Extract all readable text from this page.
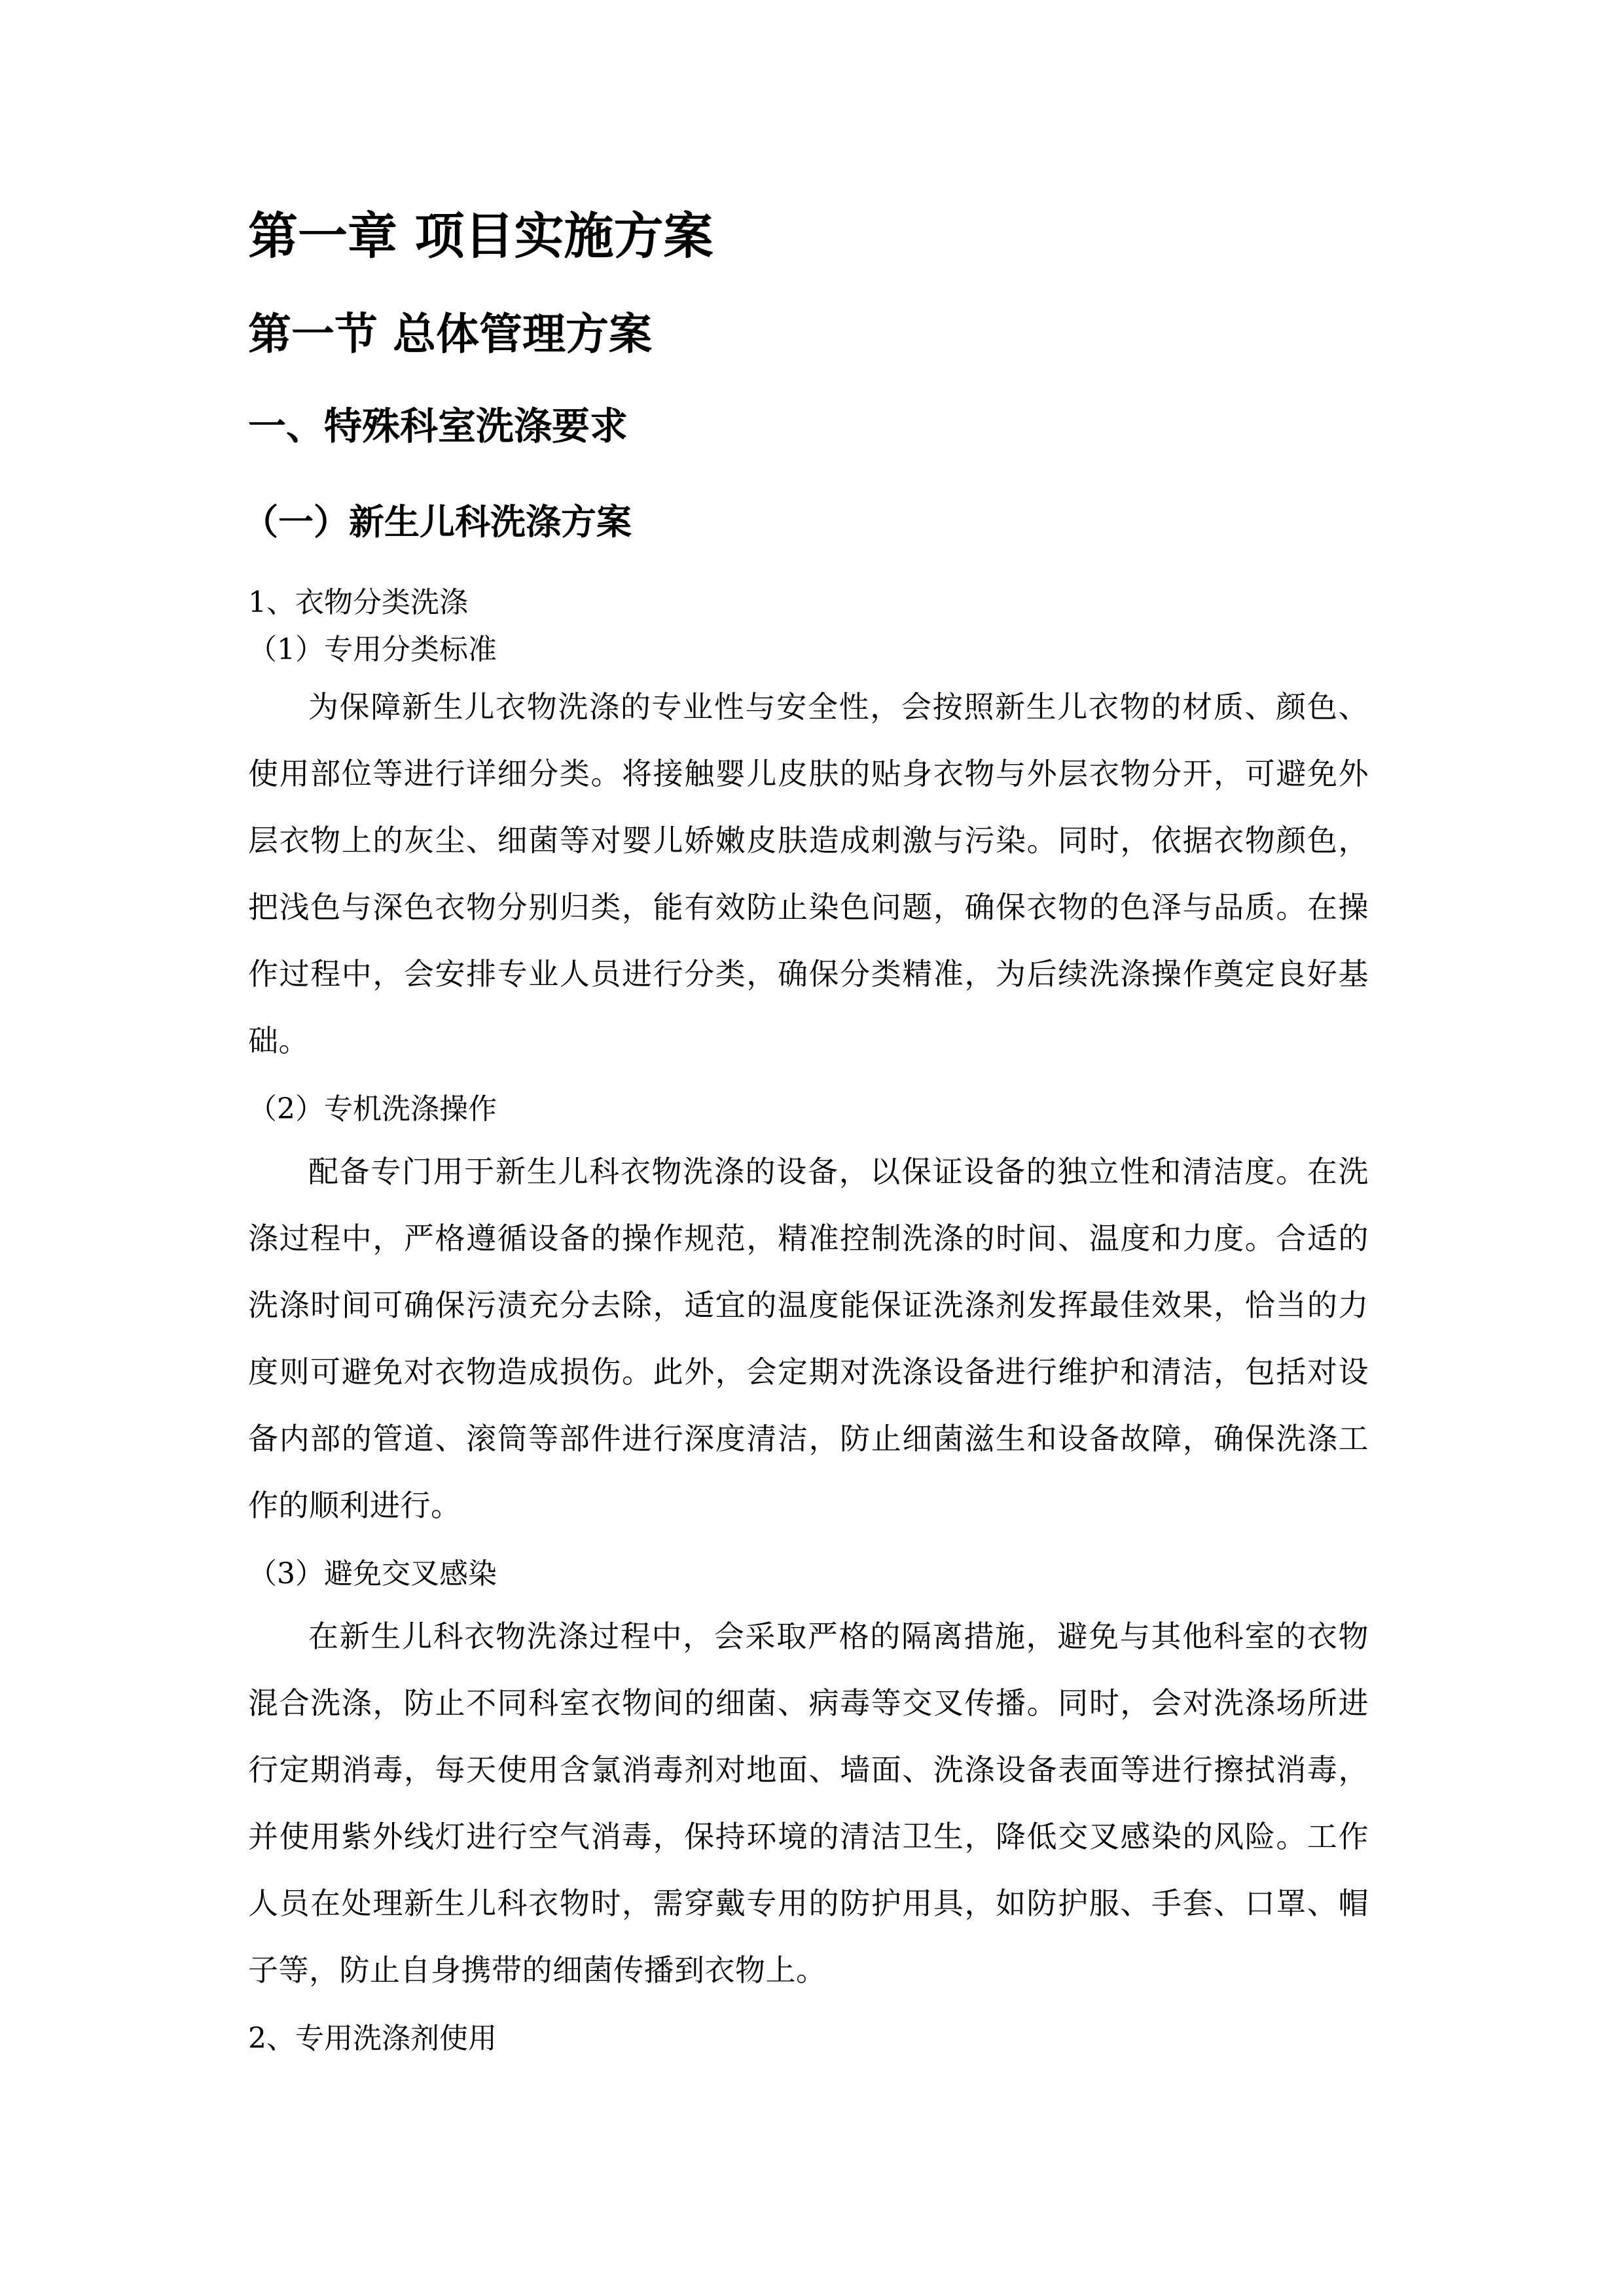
第一章 项目实施方案
第一节 总体管理方案
一、特殊科室洗涤要求
（一）新生儿科洗涤方案
1、衣物分类洗涤
（1）专用分类标准

为保障新生儿衣物洗涤的专业性与安全性，会按照新生儿衣物的材质、颜色、使用部位等进行详细分类。将接触婴儿皮肤的贴身衣物与外层衣物分开，可避免外层衣物上的灰尘、细菌等对婴儿娇嫩皮肤造成刺激与污染。同时，依据衣物颜色，把浅色与深色衣物分别归类，能有效防止染色问题，确保衣物的色泽与品质。在操作过程中，会安排专业人员进行分类，确保分类精准，为后续洗涤操作奠定良好基础。

（2）专机洗涤操作

配备专门用于新生儿科衣物洗涤的设备，以保证设备的独立性和清洁度。在洗涤过程中，严格遵循设备的操作规范，精准控制洗涤的时间、温度和力度。合适的洗涤时间可确保污渍充分去除，适宜的温度能保证洗涤剂发挥最佳效果，恰当的力度则可避免对衣物造成损伤。此外，会定期对洗涤设备进行维护和清洁，包括对设备内部的管道、滚筒等部件进行深度清洁，防止细菌滋生和设备故障，确保洗涤工作的顺利进行。

（3）避免交叉感染

在新生儿科衣物洗涤过程中，会采取严格的隔离措施，避免与其他科室的衣物混合洗涤，防止不同科室衣物间的细菌、病毒等交叉传播。同时，会对洗涤场所进行定期消毒，每天使用含氯消毒剂对地面、墙面、洗涤设备表面等进行擦拭消毒，并使用紫外线灯进行空气消毒，保持环境的清洁卫生，降低交叉感染的风险。工作人员在处理新生儿科衣物时，需穿戴专用的防护用具，如防护服、手套、口罩、帽子等，防止自身携带的细菌传播到衣物上。

2、专用洗涤剂使用
